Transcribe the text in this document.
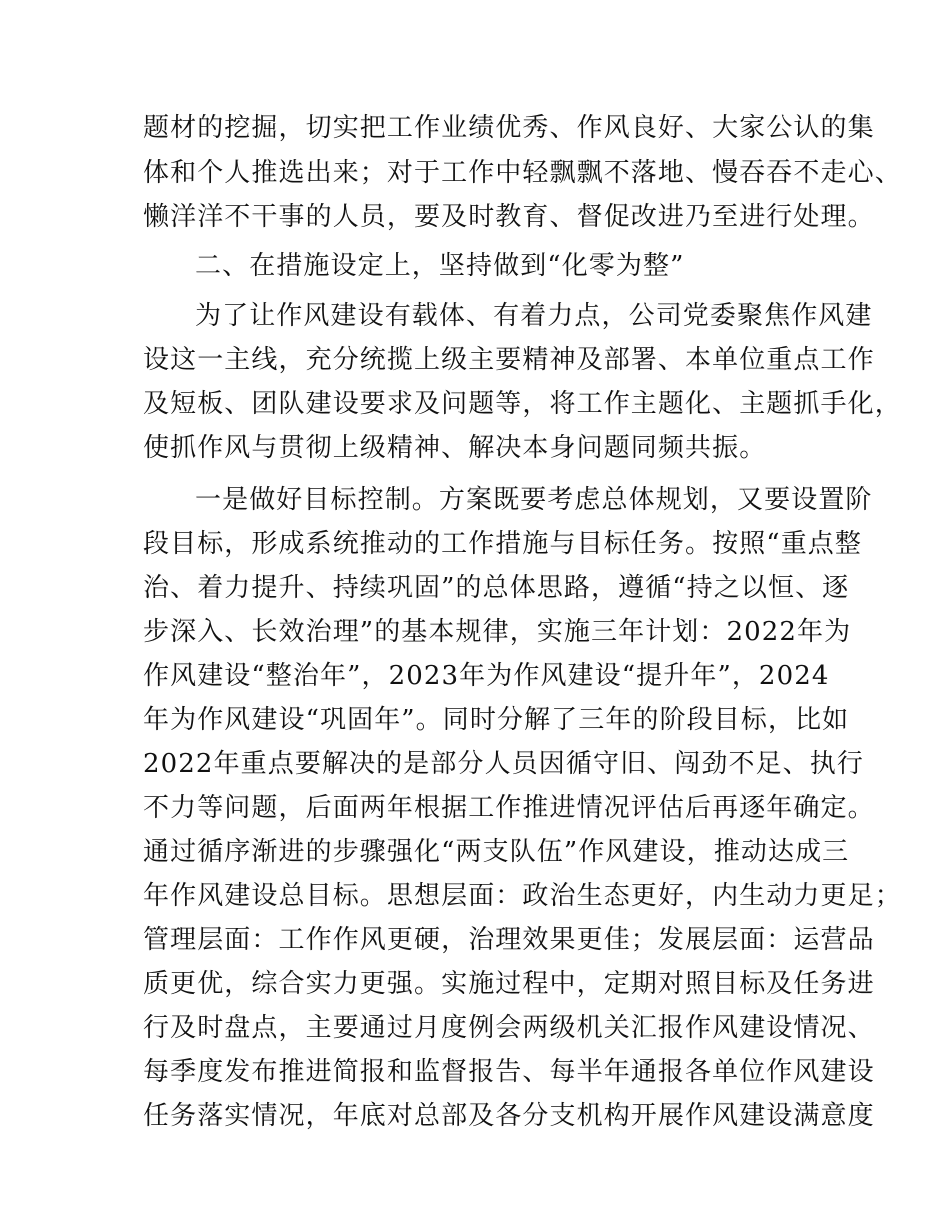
题材的挖掘，切实把工作业绩优秀、作风良好、大家公认的集
体和个人推选出来；对于工作中轻飘飘不落地、慢吞吞不走心、
懒洋洋不干事的人员，要及时教育、督促改进乃至进行处理。
二、在措施设定上，坚持做到“化零为整”
为了让作风建设有载体、有着力点，公司党委聚焦作风建
设这一主线，充分统揽上级主要精神及部署、本单位重点工作
及短板、团队建设要求及问题等，将工作主题化、主题抓手化，
使抓作风与贯彻上级精神、解决本身问题同频共振。
一是做好目标控制。方案既要考虑总体规划，又要设置阶
段目标，形成系统推动的工作措施与目标任务。按照“重点整
治、着力提升、持续巩固”的总体思路，遵循“持之以恒、逐
步深入、长效治理”的基本规律，实施三年计划：2022年为
作风建设“整治年”，2023年为作风建设“提升年”，2024
年为作风建设“巩固年”。同时分解了三年的阶段目标，比如
2022年重点要解决的是部分人员因循守旧、闯劲不足、执行
不力等问题，后面两年根据工作推进情况评估后再逐年确定。
通过循序渐进的步骤强化“两支队伍”作风建设，推动达成三
年作风建设总目标。思想层面：政治生态更好，内生动力更足；
管理层面：工作作风更硬，治理效果更佳；发展层面：运营品
质更优，综合实力更强。实施过程中，定期对照目标及任务进
行及时盘点，主要通过月度例会两级机关汇报作风建设情况、
每季度发布推进简报和监督报告、每半年通报各单位作风建设
任务落实情况，年底对总部及各分支机构开展作风建设满意度
